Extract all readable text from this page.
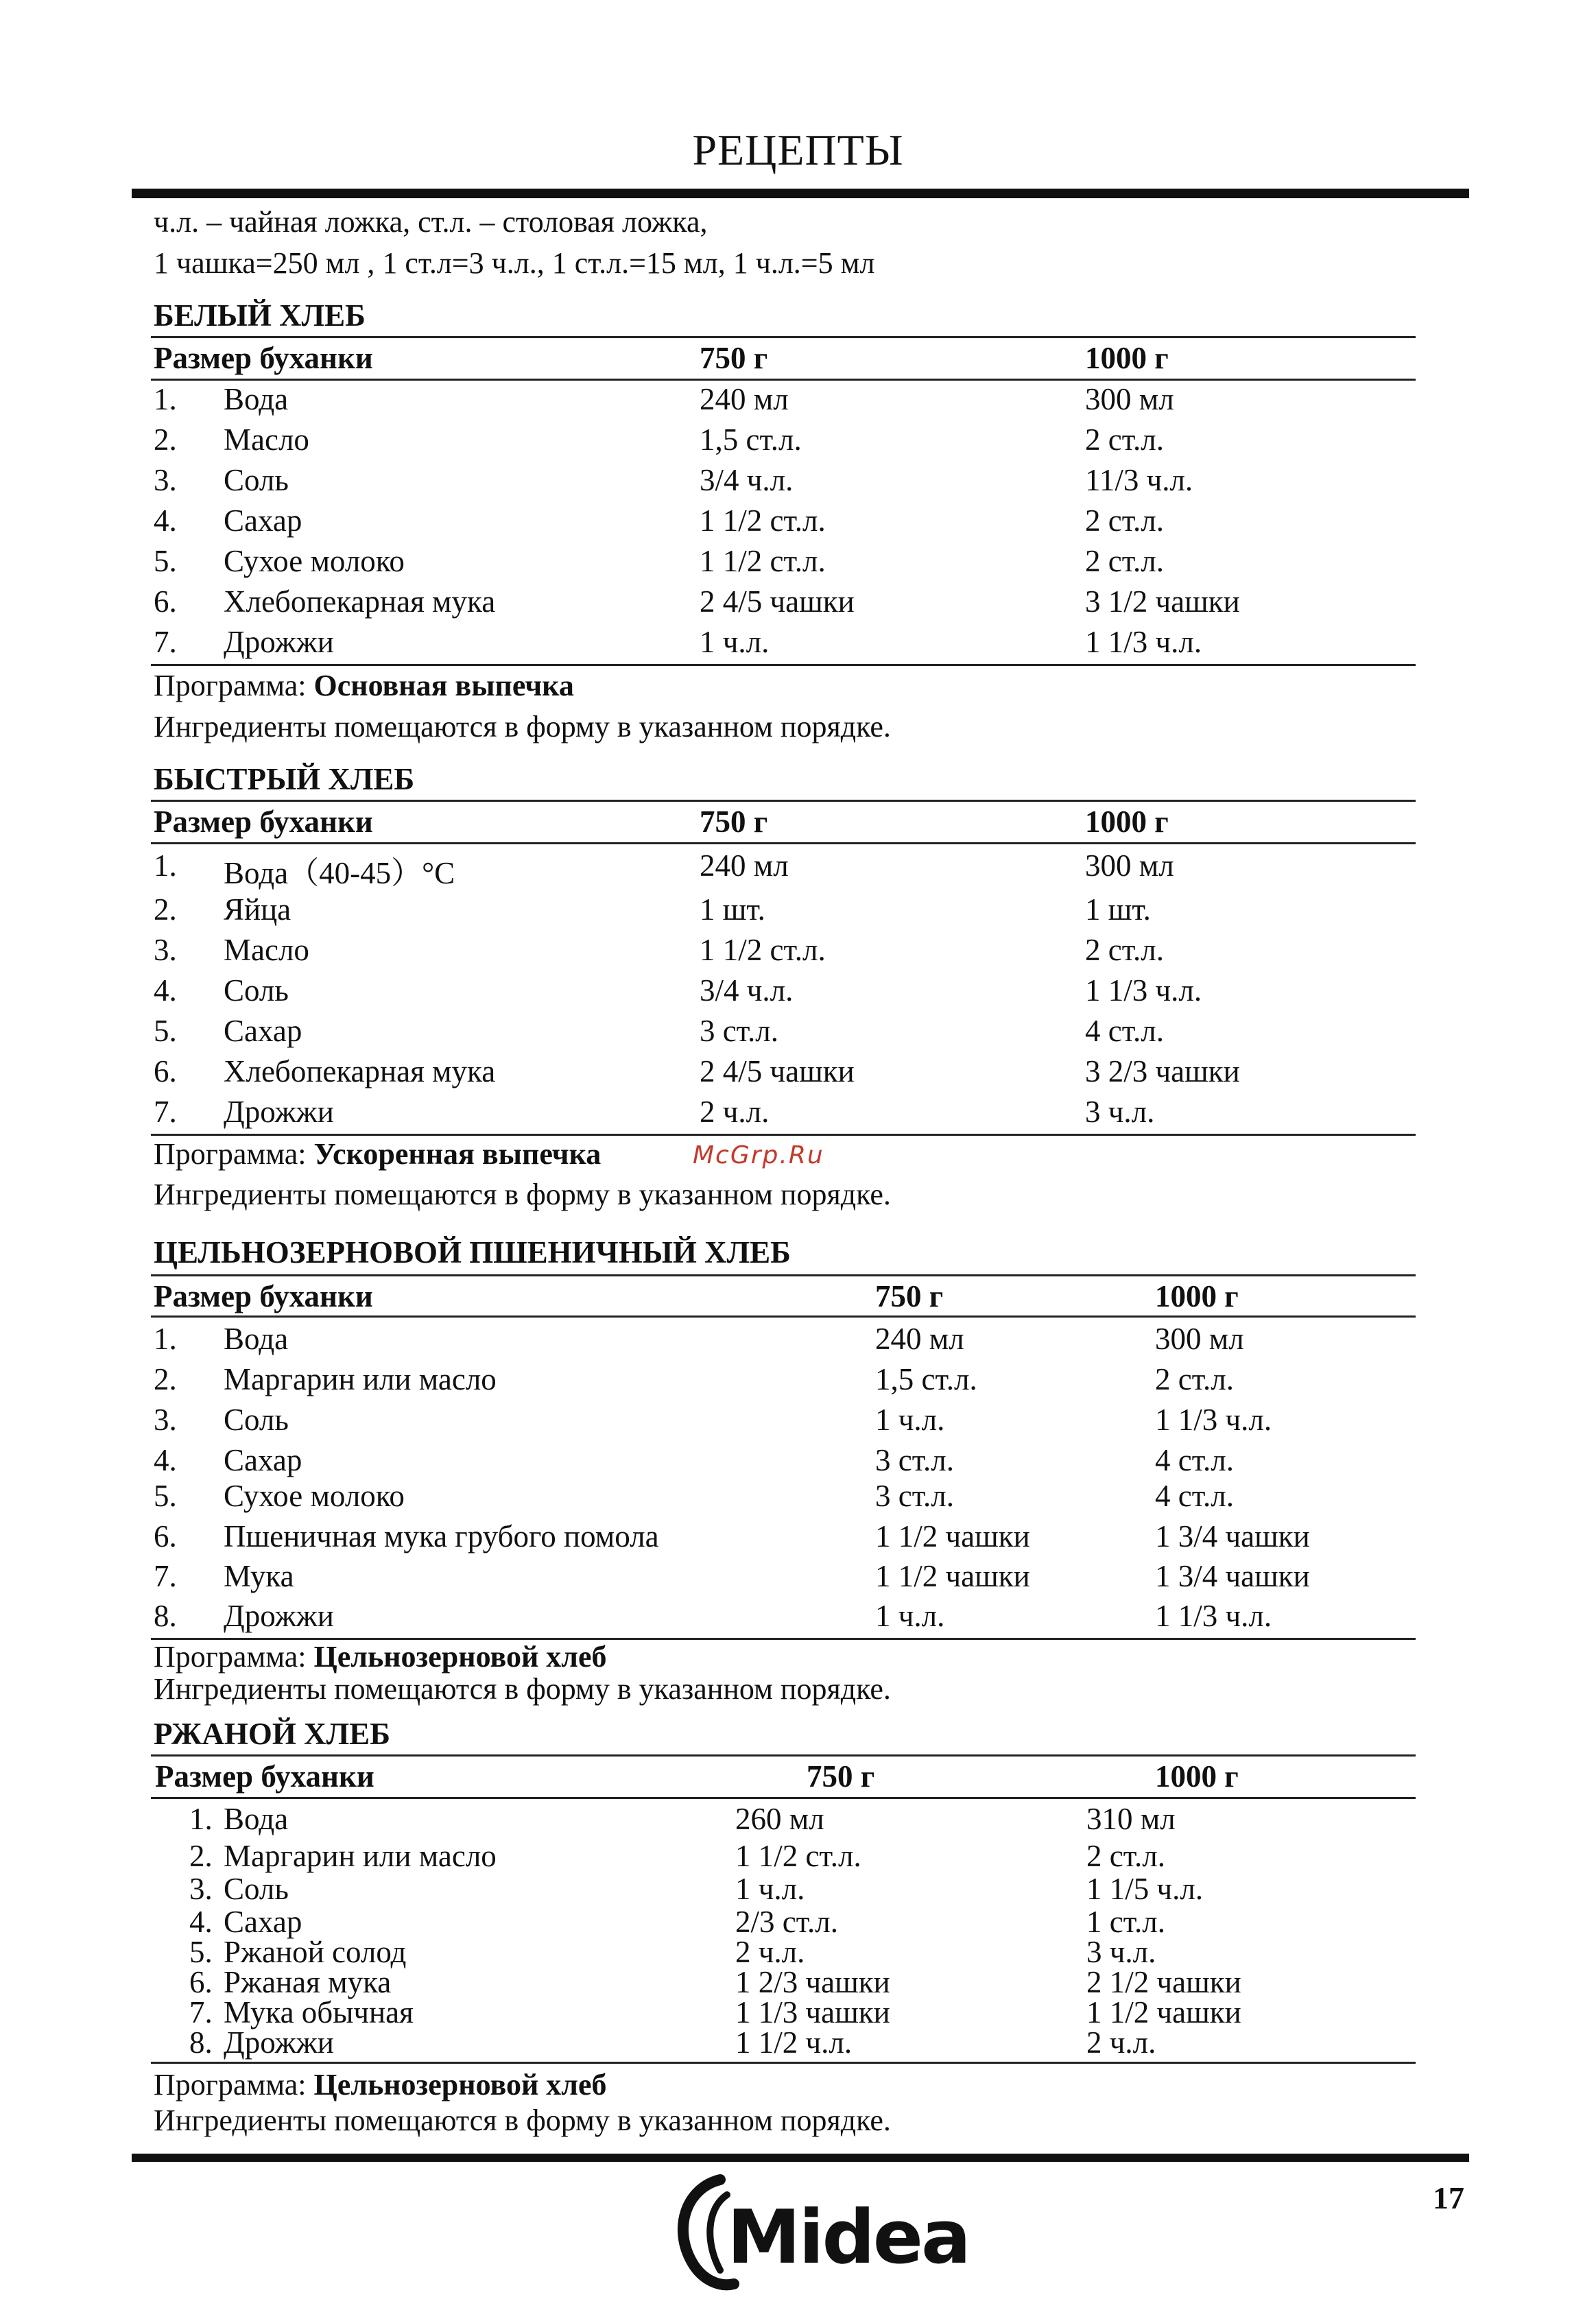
РЕЦЕПТЫ
ч.л. – чайная ложка, ст.л. – столовая ложка,
1 чашка=250 мл , 1 ст.л=3 ч.л., 1 ст.л.=15 мл, 1 ч.л.=5 мл
БЕЛЫЙ ХЛЕБ
Размер буханки	750 г	1000 г
1. Вода	240 мл	300 мл
2. Масло	1,5 ст.л.	2 ст.л.
3. Соль	3/4 ч.л.	11/3 ч.л.
4. Сахар	1 1/2 ст.л.	2 ст.л.
5. Сухое молоко	1 1/2 ст.л.	2 ст.л.
6. Хлебопекарная мука	2 4/5 чашки	3 1/2 чашки
7. Дрожжи	1 ч.л.	1 1/3 ч.л.
Программа: Основная выпечка
Ингредиенты помещаются в форму в указанном порядке.
БЫСТРЫЙ ХЛЕБ
Размер буханки	750 г	1000 г
1. Вода（40-45）°C	240 мл	300 мл
2. Яйца	1 шт.	1 шт.
3. Масло	1 1/2 ст.л.	2 ст.л.
4. Соль	3/4 ч.л.	1 1/3 ч.л.
5. Сахар	3 ст.л.	4 ст.л.
6. Хлебопекарная мука	2 4/5 чашки	3 2/3 чашки
7. Дрожжи	2 ч.л.	3 ч.л.
Программа: Ускоренная выпечка	McGrp.Ru
Ингредиенты помещаются в форму в указанном порядке.
ЦЕЛЬНОЗЕРНОВОЙ ПШЕНИЧНЫЙ ХЛЕБ
Размер буханки	750 г	1000 г
1. Вода	240 мл	300 мл
2. Маргарин или масло	1,5 ст.л.	2 ст.л.
3. Соль	1 ч.л.	1 1/3 ч.л.
4. Сахар	3 ст.л.	4 ст.л.
5. Сухое молоко	3 ст.л.	4 ст.л.
6. Пшеничная мука грубого помола	1 1/2 чашки	1 3/4 чашки
7. Мука	1 1/2 чашки	1 3/4 чашки
8. Дрожжи	1 ч.л.	1 1/3 ч.л.
Программа: Цельнозерновой хлеб
Ингредиенты помещаются в форму в указанном порядке.
РЖАНОЙ ХЛЕБ
Размер буханки	750 г	1000 г
1. Вода	260 мл	310 мл
2. Маргарин или масло	1 1/2 ст.л.	2 ст.л.
3. Соль	1 ч.л.	1 1/5 ч.л.
4. Сахар	2/3 ст.л.	1 ст.л.
5. Ржаной солод	2 ч.л.	3 ч.л.
6. Ржаная мука	1 2/3 чашки	2 1/2 чашки
7. Мука обычная	1 1/3 чашки	1 1/2 чашки
8. Дрожжи	1 1/2 ч.л.	2 ч.л.
Программа: Цельнозерновой хлеб
Ингредиенты помещаются в форму в указанном порядке.
17
Midea
